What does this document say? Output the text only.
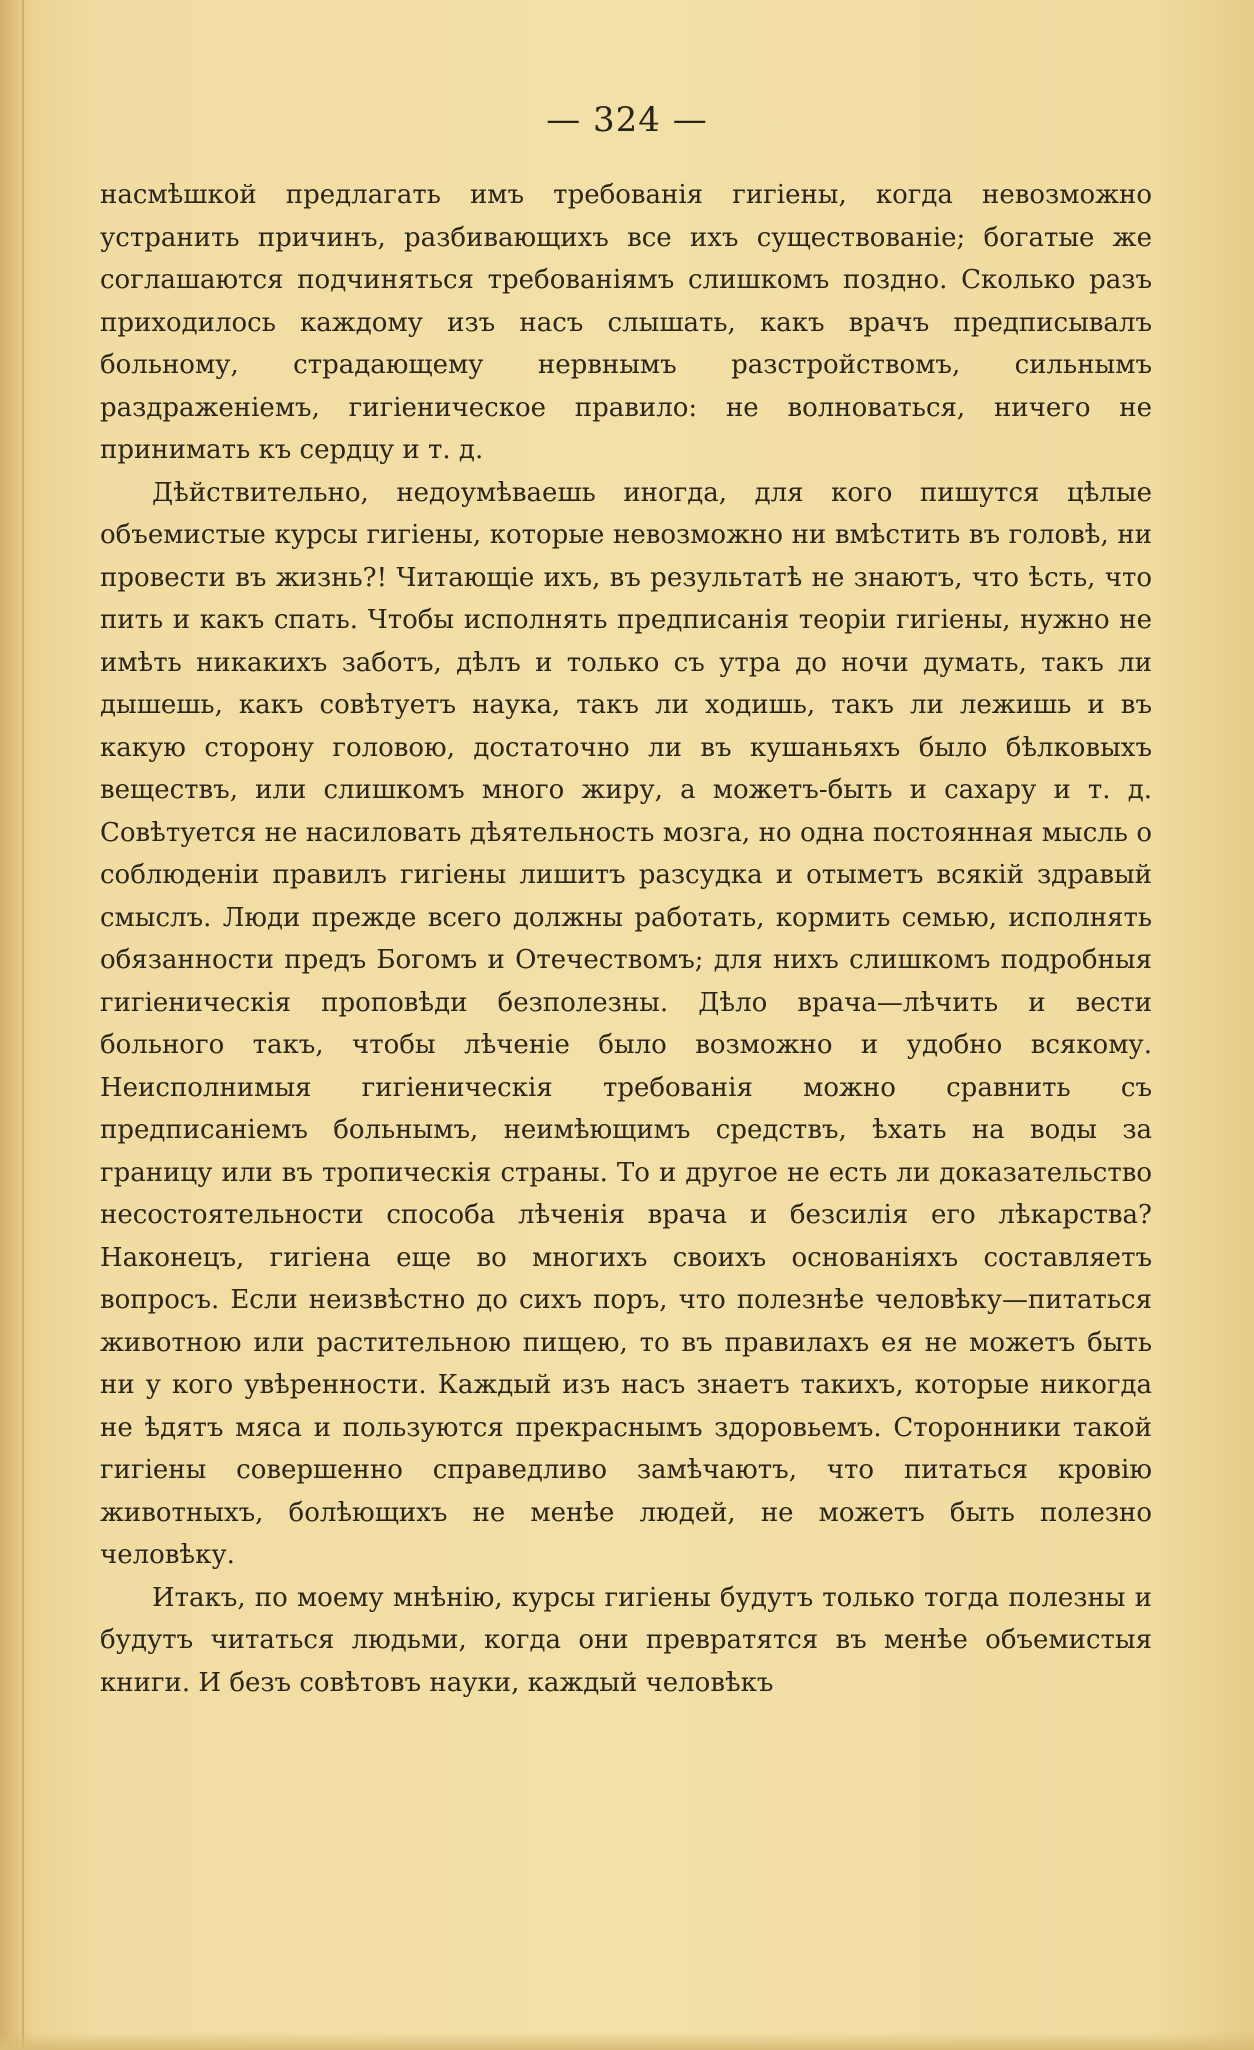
— 324 —

насмѣшкой предлагать имъ требованія гигіены, когда невозможно устранить причинъ, разбивающихъ все ихъ существованіе; богатые же соглашаются подчиняться требованіямъ слишкомъ поздно. Сколько разъ приходилось каждому изъ насъ слышать, какъ врачъ предписывалъ больному, страдающему нервнымъ разстройствомъ, сильнымъ раздраженіемъ, гигіеническое правило: не волноваться, ничего не принимать къ сердцу и т. д.

Дѣйствительно, недоумѣваешь иногда, для кого пишутся цѣлые объемистые курсы гигіены, которые невозможно ни вмѣстить въ головѣ, ни провести въ жизнь?! Читающіе ихъ, въ результатѣ не знаютъ, что ѣсть, что пить и какъ спать. Чтобы исполнять предписанія теоріи гигіены, нужно не имѣть никакихъ заботъ, дѣлъ и только съ утра до ночи думать, такъ ли дышешь, какъ совѣтуетъ наука, такъ ли ходишь, такъ ли лежишь и въ какую сторону головою, достаточно ли въ кушаньяхъ было бѣлковыхъ веществъ, или слишкомъ много жиру, а можетъ-быть и сахару и т. д. Совѣтуется не насиловать дѣятельность мозга, но одна постоянная мысль о соблюденіи правилъ гигіены лишитъ разсудка и отыметъ всякій здравый смыслъ. Люди прежде всего должны работать, кормить семью, исполнять обязанности предъ Богомъ и Отечествомъ; для нихъ слишкомъ подробныя гигіеническія проповѣди безполезны. Дѣло врача—лѣчить и вести больного такъ, чтобы лѣченіе было возможно и удобно всякому. Неисполнимыя гигіеническія требованія можно сравнить съ предписаніемъ больнымъ, неимѣющимъ средствъ, ѣхать на воды за границу или въ тропическія страны. То и другое не есть ли доказательство несостоятельности способа лѣченія врача и безсилія его лѣкарства? Наконецъ, гигіена еще во многихъ своихъ основаніяхъ составляетъ вопросъ. Если неизвѣстно до сихъ поръ, что полезнѣе человѣку—питаться животною или растительною пищею, то въ правилахъ ея не можетъ быть ни у кого увѣренности. Каждый изъ насъ знаетъ такихъ, которые никогда не ѣдятъ мяса и пользуются прекраснымъ здоровьемъ. Сторонники такой гигіены совершенно справедливо замѣчаютъ, что питаться кровію животныхъ, болѣющихъ не менѣе людей, не можетъ быть полезно человѣку.

Итакъ, по моему мнѣнію, курсы гигіены будутъ только тогда полезны и будутъ читаться людьми, когда они превратятся въ менѣе объемистыя книги. И безъ совѣтовъ науки, каждый человѣкъ
